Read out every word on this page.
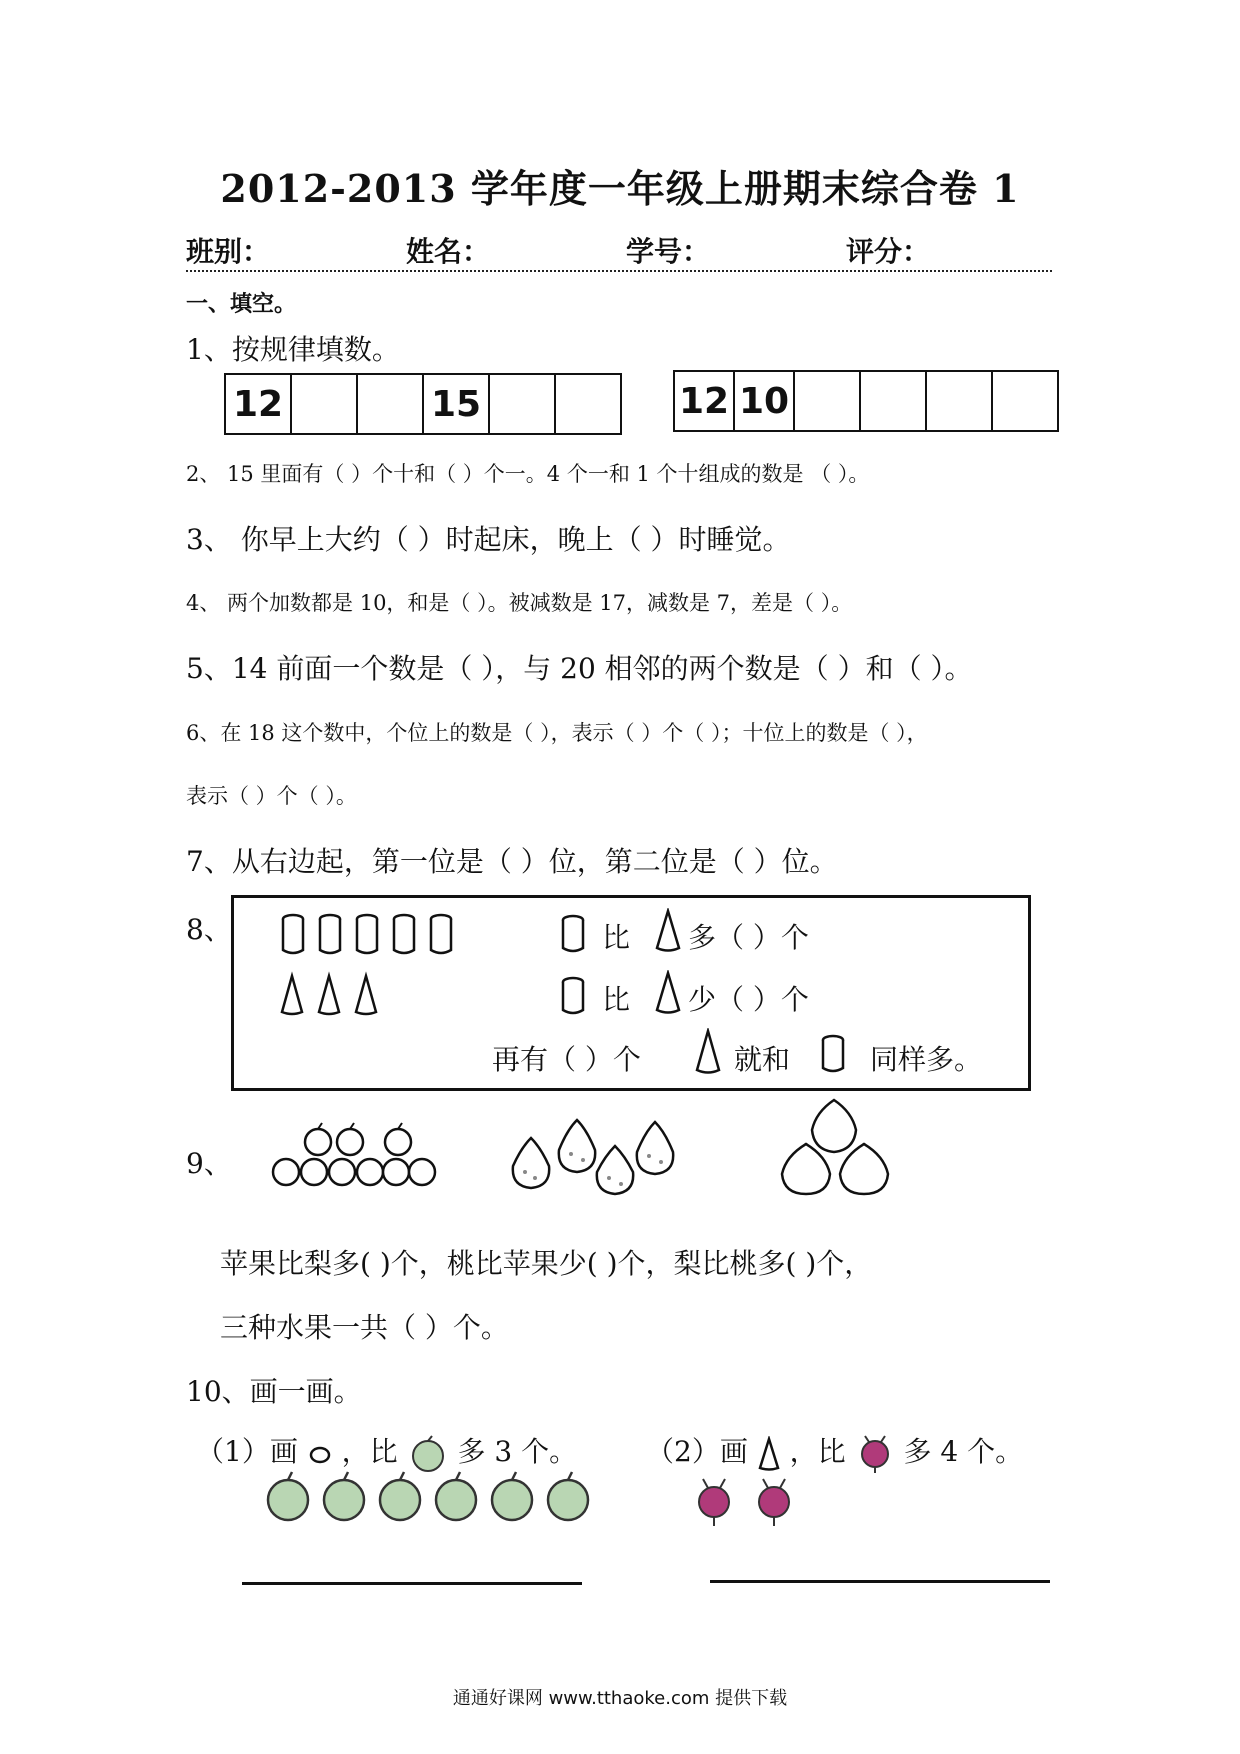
2012-2013 学年度一年级上册期末综合卷 1
班别：	姓名：	学号：	评分：
一、填空。
1、按规律填数。
12	15	12 10
2、 15 里面有（ ）个十和（ ）个一。4 个一和 1 个十组成的数是 （ ）。
3、 你早上大约（ ）时起床，晚上（ ）时睡觉。
4、 两个加数都是 10，和是（ ）。被减数是 17，减数是 7，差是（ ）。
5、14 前面一个数是（ ），与 20 相邻的两个数是（ ）和（ ）。
6、在 18 这个数中，个位上的数是（ ），表示（ ）个（ ）；十位上的数是（ ），
表示（ ）个（ ）。
7、从右边起，第一位是（ ）位，第二位是（ ）位。
8、	比 多（ ）个
比 少（ ）个
再有（ ）个	就和	同样多。
9、
苹果比梨多( )个，桃比苹果少( )个，梨比桃多( )个，
三种水果一共（ ）个。
10、画一画。
（1）画 ，比 多 3 个。 （2）画 ，比 多 4 个。
通通好课网 www.tthaoke.com 提供下载
